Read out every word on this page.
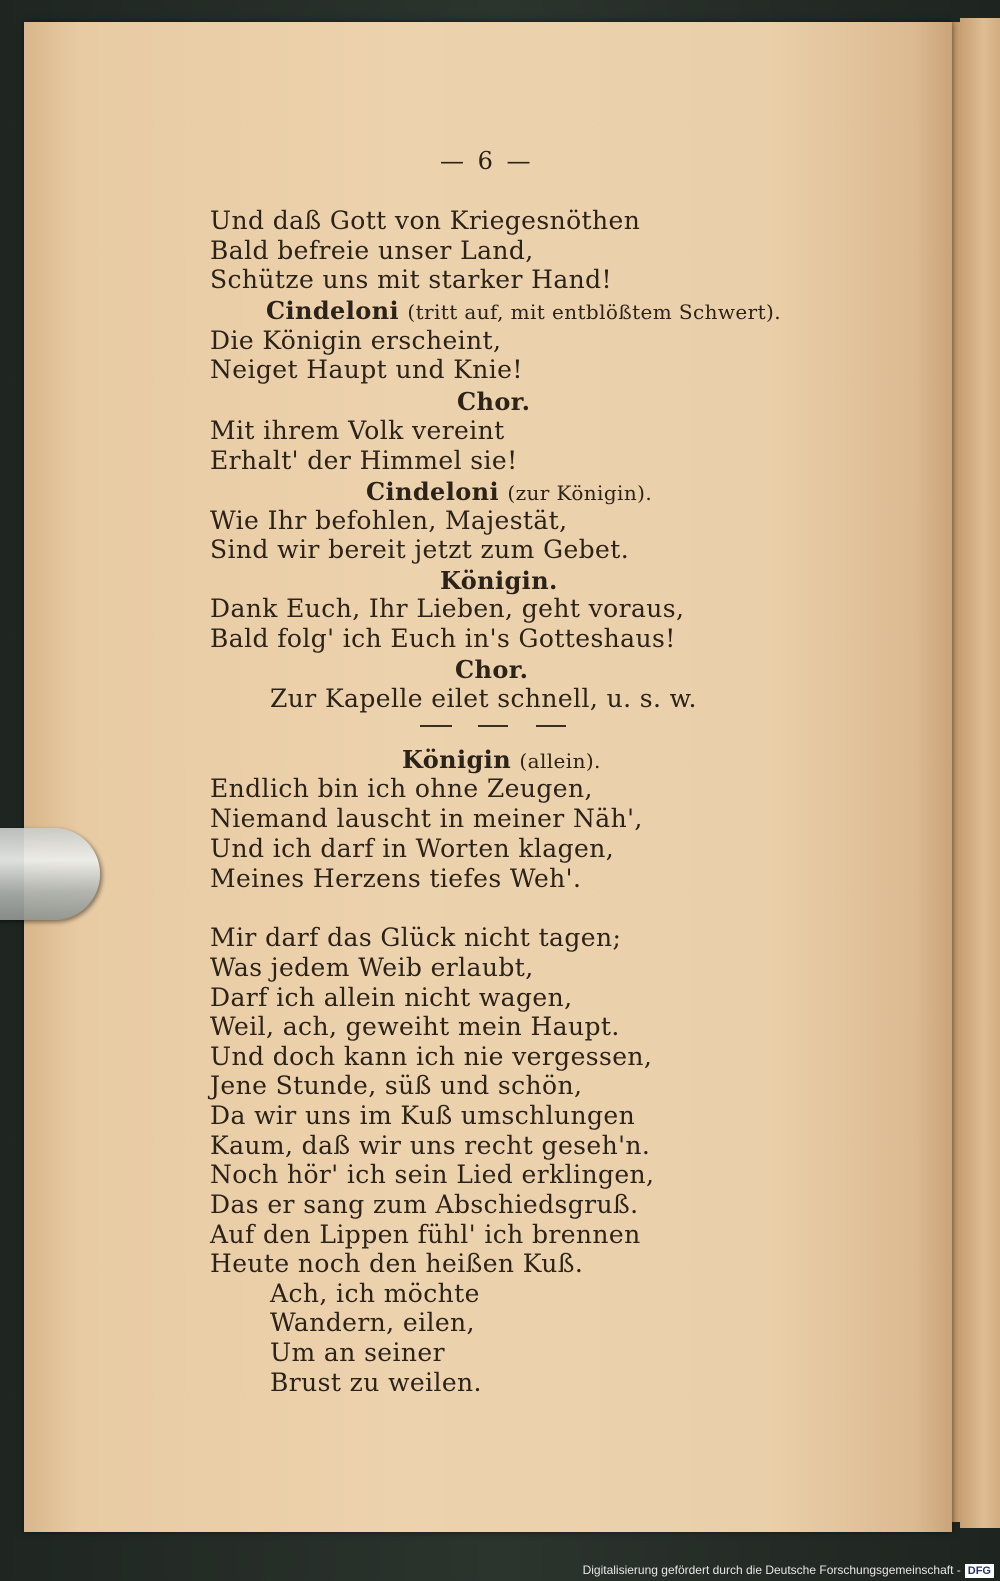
— 6 —
Und daß Gott von Kriegesnöthen
Bald befreie unser Land,
Schütze uns mit starker Hand!
Cindeloni (tritt auf, mit entblößtem Schwert).
Die Königin erscheint,
Neiget Haupt und Knie!
Chor.
Mit ihrem Volk vereint
Erhalt' der Himmel sie!
Cindeloni (zur Königin).
Wie Ihr befohlen, Majestät,
Sind wir bereit jetzt zum Gebet.
Königin.
Dank Euch, Ihr Lieben, geht voraus,
Bald folg' ich Euch in's Gotteshaus!
Chor.
Zur Kapelle eilet schnell, u. s. w.
Königin (allein).
Endlich bin ich ohne Zeugen,
Niemand lauscht in meiner Näh',
Und ich darf in Worten klagen,
Meines Herzens tiefes Weh'.
Mir darf das Glück nicht tagen;
Was jedem Weib erlaubt,
Darf ich allein nicht wagen,
Weil, ach, geweiht mein Haupt.
Und doch kann ich nie vergessen,
Jene Stunde, süß und schön,
Da wir uns im Kuß umschlungen
Kaum, daß wir uns recht geseh'n.
Noch hör' ich sein Lied erklingen,
Das er sang zum Abschiedsgruß.
Auf den Lippen fühl' ich brennen
Heute noch den heißen Kuß.
Ach, ich möchte
Wandern, eilen,
Um an seiner
Brust zu weilen.
Digitalisierung gefördert durch die Deutsche Forschungsgemeinschaft - DFG
